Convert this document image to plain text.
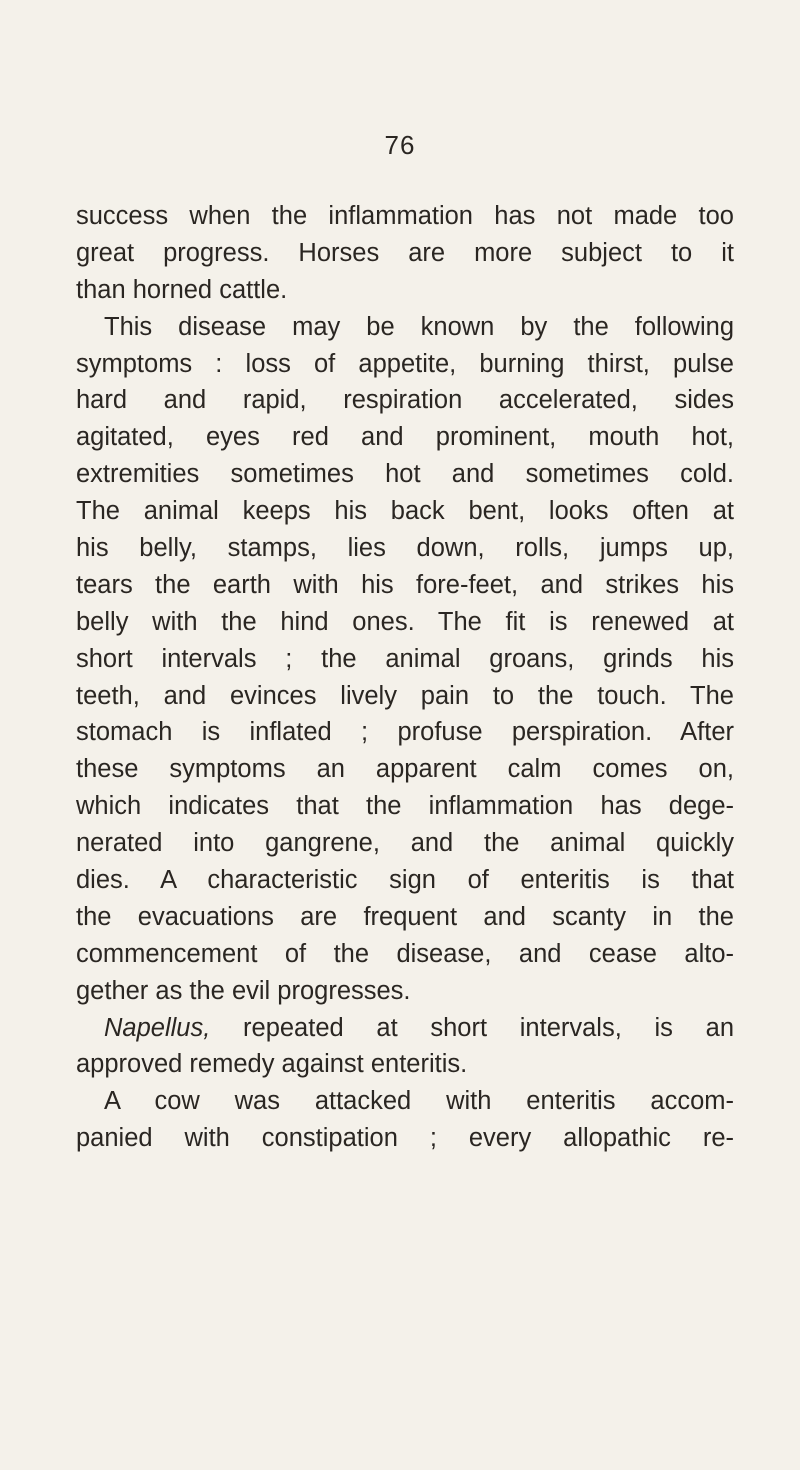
76
success when the inflammation has not made too
great progress. Horses are more subject to it
than horned cattle.
This disease may be known by the following
symptoms : loss of appetite, burning thirst, pulse
hard and rapid, respiration accelerated, sides
agitated, eyes red and prominent, mouth hot,
extremities sometimes hot and sometimes cold.
The animal keeps his back bent, looks often at
his belly, stamps, lies down, rolls, jumps up,
tears the earth with his fore-feet, and strikes his
belly with the hind ones. The fit is renewed at
short intervals ; the animal groans, grinds his
teeth, and evinces lively pain to the touch. The
stomach is inflated ; profuse perspiration. After
these symptoms an apparent calm comes on,
which indicates that the inflammation has dege-
nerated into gangrene, and the animal quickly
dies. A characteristic sign of enteritis is that
the evacuations are frequent and scanty in the
commencement of the disease, and cease alto-
gether as the evil progresses.
Napellus, repeated at short intervals, is an
approved remedy against enteritis.
A cow was attacked with enteritis accom-
panied with constipation ; every allopathic re-
